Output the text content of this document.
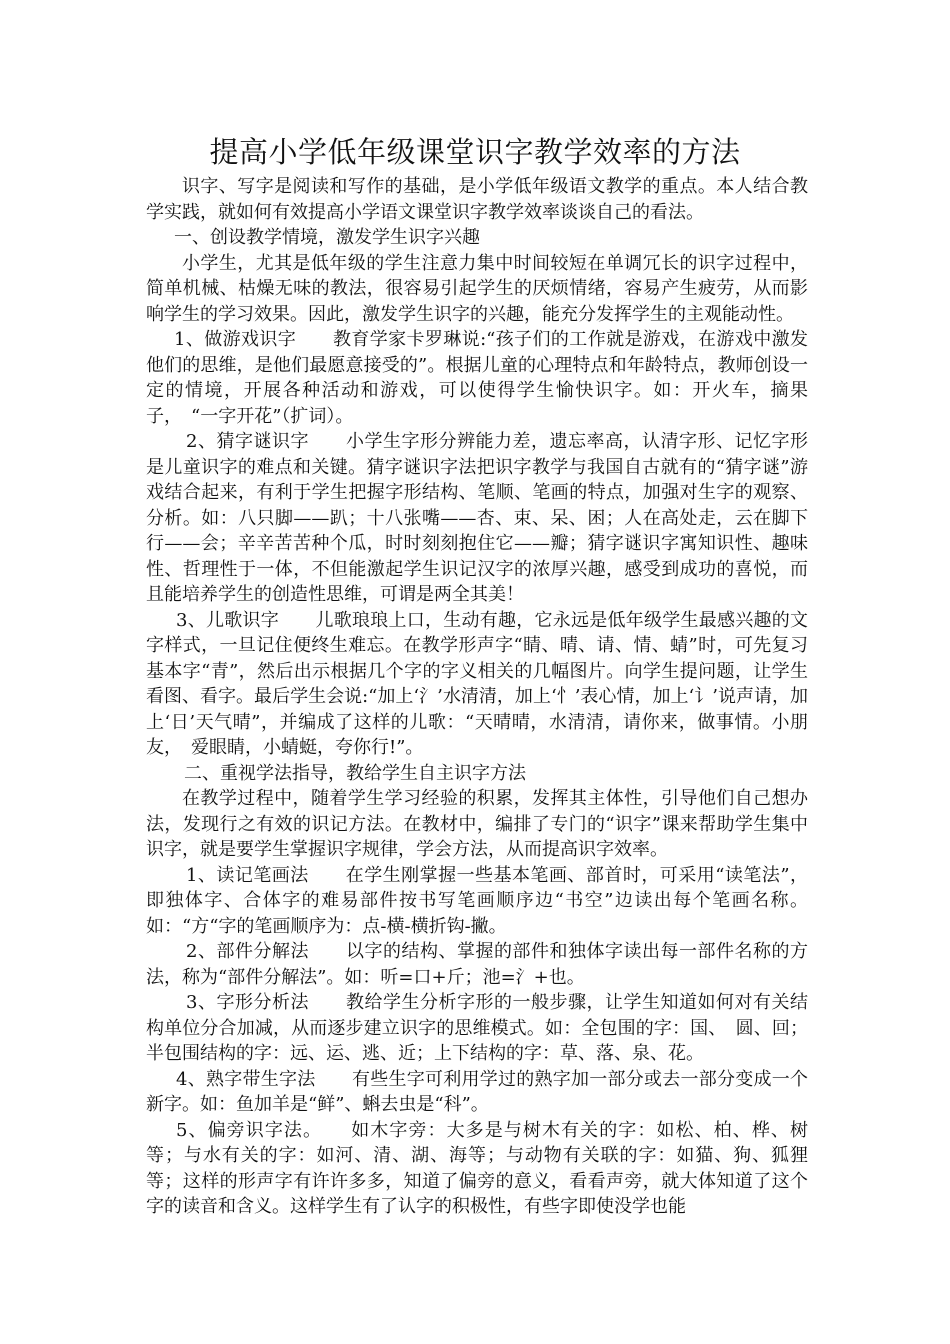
提高小学低年级课堂识字教学效率的方法

识字、写字是阅读和写作的基础，是小学低年级语文教学的重点。本人结合教学实践，就如何有效提高小学语文课堂识字教学效率谈谈自己的看法。

一、创设教学情境，激发学生识字兴趣

小学生，尤其是低年级的学生注意力集中时间较短在单调冗长的识字过程中，简单机械、枯燥无味的教法，很容易引起学生的厌烦情绪，容易产生疲劳，从而影响学生的学习效果。因此，激发学生识字的兴趣，能充分发挥学生的主观能动性。

1、做游戏识字　　教育学家卡罗琳说:“孩子们的工作就是游戏，在游戏中激发他们的思维，是他们最愿意接受的”。根据儿童的心理特点和年龄特点，教师创设一定的情境，开展各种活动和游戏，可以使得学生愉快识字。如：开火车，摘果子，　“一字开花”（扩词）。

2、猜字谜识字　　小学生字形分辨能力差，遗忘率高，认清字形、记忆字形是儿童识字的难点和关键。猜字谜识字法把识字教学与我国自古就有的“猜字谜”游戏结合起来，有利于学生把握字形结构、笔顺、笔画的特点，加强对生字的观察、分析。如：八只脚——趴；十八张嘴——杏、束、呆、困；人在高处走，云在脚下行——会；辛辛苦苦种个瓜，时时刻刻抱住它——瓣；猜字谜识字寓知识性、趣味性、哲理性于一体，不但能激起学生识记汉字的浓厚兴趣，感受到成功的喜悦，而且能培养学生的创造性思维，可谓是两全其美！

3、儿歌识字　　儿歌琅琅上口，生动有趣，它永远是低年级学生最感兴趣的文字样式，一旦记住便终生难忘。在教学形声字“睛、晴、请、情、蜻”时，可先复习基本字“青”，然后出示根据几个字的字义相关的几幅图片。向学生提问题，让学生看图、看字。最后学生会说:“加上‘氵’水清清，加上‘忄’表心情，加上‘讠’说声请，加上‘日’天气晴”，并编成了这样的儿歌：“天晴晴，水清清，请你来，做事情。小朋友，　爱眼睛，小蜻蜓，夸你行!”。

二、重视学法指导，教给学生自主识字方法

在教学过程中，随着学生学习经验的积累，发挥其主体性，引导他们自己想办法，发现行之有效的识记方法。在教材中，编排了专门的“识字”课来帮助学生集中识字，就是要学生掌握识字规律，学会方法，从而提高识字效率。

1、读记笔画法　　在学生刚掌握一些基本笔画、部首时，可采用“读笔法”，即独体字、合体字的难易部件按书写笔画顺序边“书空”边读出每个笔画名称。如：“方“字的笔画顺序为：点-横-横折钩-撇。

2、部件分解法　　以字的结构、掌握的部件和独体字读出每一部件名称的方法，称为“部件分解法”。如：听=口+斤；池=氵+也。

3、字形分析法　　教给学生分析字形的一般步骤，让学生知道如何对有关结构单位分合加减，从而逐步建立识字的思维模式。如：全包围的字：国、　圆、回；半包围结构的字：远、运、逃、近；上下结构的字：草、落、泉、花。

4、熟字带生字法　　有些生字可利用学过的熟字加一部分或去一部分变成一个新字。如：鱼加羊是“鲜”、蝌去虫是“科”。

5、偏旁识字法。　　如木字旁：大多是与树木有关的字：如松、柏、桦、树等；与水有关的字：如河、清、湖、海等；与动物有关联的字：如猫、狗、狐狸等；这样的形声字有许许多多，知道了偏旁的意义，看看声旁，就大体知道了这个字的读音和含义。这样学生有了认字的积极性，有些字即使没学也能
